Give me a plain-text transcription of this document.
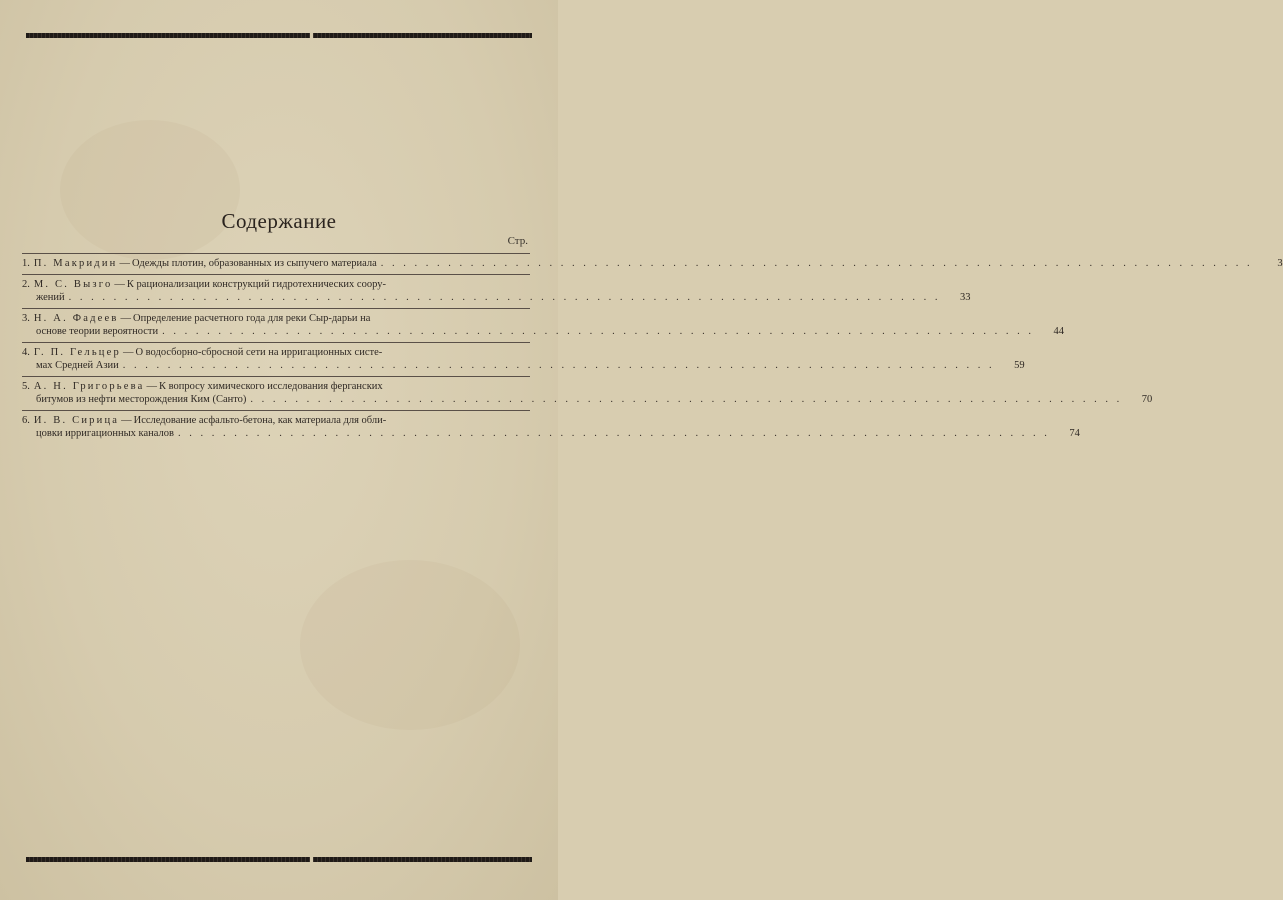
Содержание
Стр.
1. П. Макридин — Одежды плотин, образованных из сыпучего материала . . .	3
2. М. С. Вызго — К рационализации конструкций гидротехнических соору-
жений . . .	33
3. Н. А. Фадеев — Определение расчетного года для реки Сыр-дарьи на
основе теории вероятности . . .	44
4. Г. П. Гельцер — О водосборно-сбросной сети на ирригационных систе-
мах Средней Азии . . .	59
5. А. Н. Григорьева — К вопросу химического исследования ферганских
битумов из нефти месторождения Ким (Санто) . . .	70
6. И. В. Сирица — Исследование асфальто-бетона, как материала для обли-
цовки ирригационных каналов . . .	74
